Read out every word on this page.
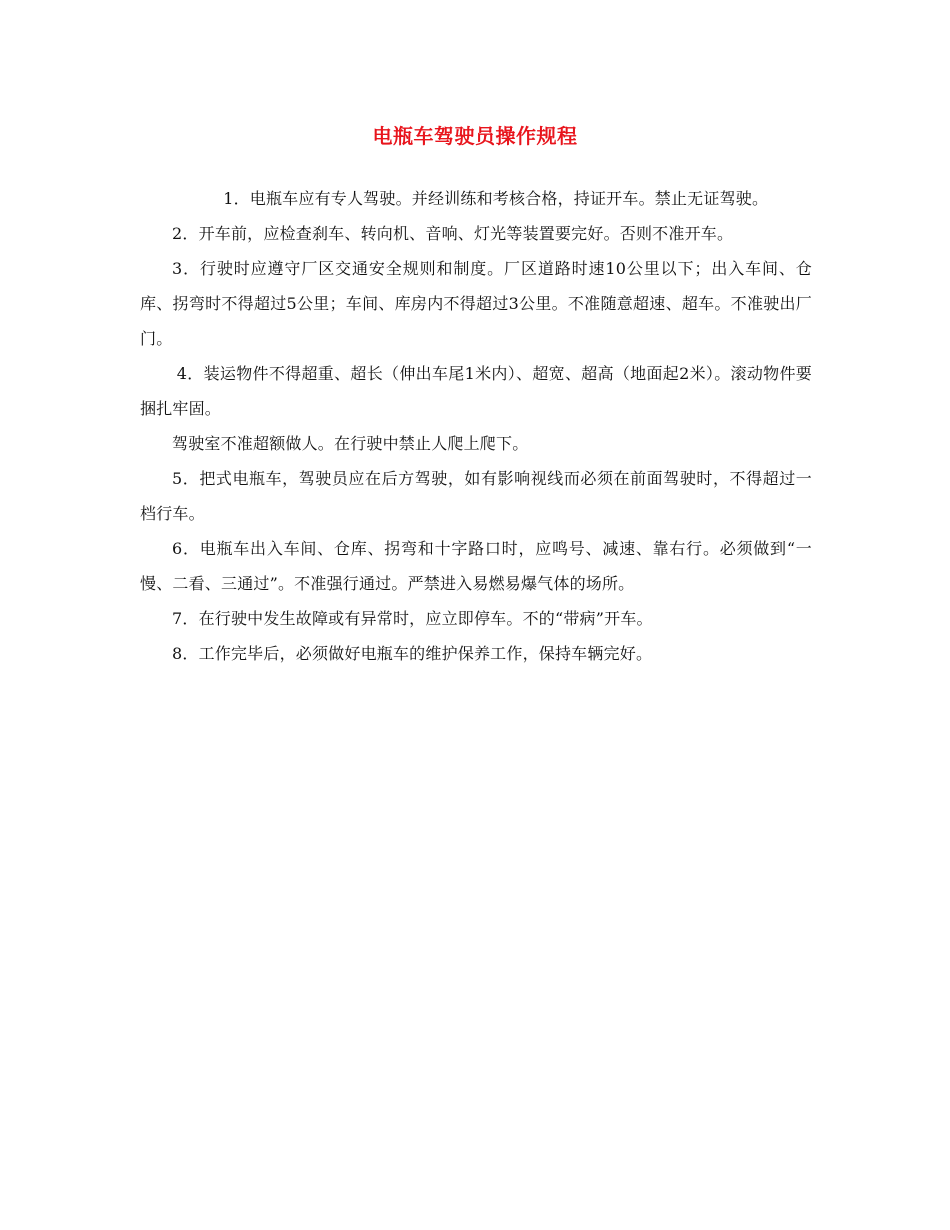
电瓶车驾驶员操作规程

1．电瓶车应有专人驾驶。并经训练和考核合格，持证开车。禁止无证驾驶。

2．开车前，应检查刹车、转向机、音响、灯光等装置要完好。否则不准开车。

3．行驶时应遵守厂区交通安全规则和制度。厂区道路时速10公里以下；出入车间、仓库、拐弯时不得超过5公里；车间、库房内不得超过3公里。不准随意超速、超车。不准驶出厂门。

4．装运物件不得超重、超长（伸出车尾1米内）、超宽、超高（地面起2米）。滚动物件要捆扎牢固。

驾驶室不准超额做人。在行驶中禁止人爬上爬下。

5．把式电瓶车，驾驶员应在后方驾驶，如有影响视线而必须在前面驾驶时，不得超过一档行车。

6．电瓶车出入车间、仓库、拐弯和十字路口时，应鸣号、减速、靠右行。必须做到“一慢、二看、三通过”。不准强行通过。严禁进入易燃易爆气体的场所。

7．在行驶中发生故障或有异常时，应立即停车。不的“带病”开车。

8．工作完毕后，必须做好电瓶车的维护保养工作，保持车辆完好。
